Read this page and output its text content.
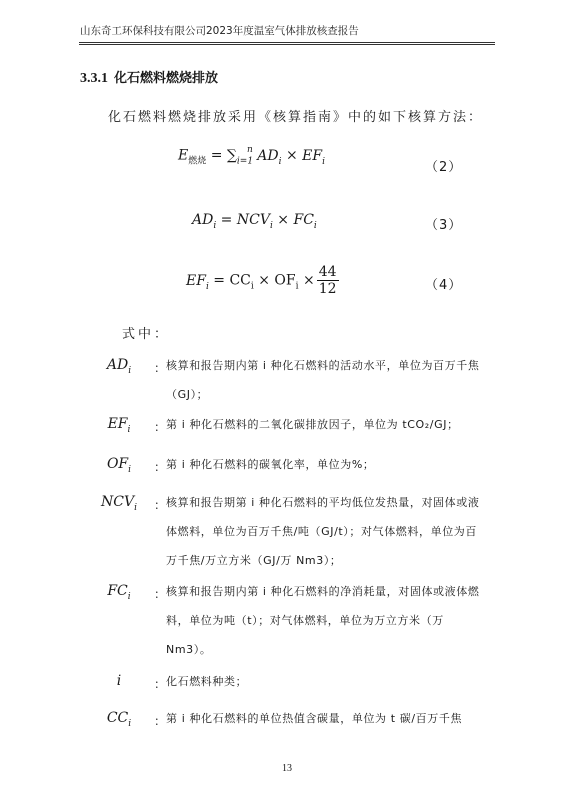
山东奇工环保科技有限公司2023年度温室气体排放核查报告
3.3.1 化石燃料燃烧排放
化石燃料燃烧排放采用《核算指南》中的如下核算方法：
$E_{燃烧} = \sum_{i=1}^n$ $AD_i \times EF_i$	（2）
$AD_i = NCV_i \times FC_i$	（3）
$EF_i = CC_i \times OF_i \times \frac{44}{12}$	（4）
式中：
$AD_i$	： 核算和报告期内第 i 种化石燃料的活动水平，单位为百万千焦（GJ）；
$EF_i$	： 第 i 种化石燃料的二氧化碳排放因子，单位为 tCO₂/GJ；
$OF_i$	： 第 i 种化石燃料的碳氧化率，单位为%；
$NCV_i$	： 核算和报告期第 i 种化石燃料的平均低位发热量，对固体或液体燃料，单位为百万千焦/吨（GJ/t）；对气体燃料，单位为百万千焦/万立方米（GJ/万 Nm3）；
$FC_i$	： 核算和报告期内第 i 种化石燃料的净消耗量，对固体或液体燃料，单位为吨（t）；对气体燃料，单位为万立方米（万 Nm3）。
i	： 化石燃料种类；
$CC_i$	： 第 i 种化石燃料的单位热值含碳量，单位为 t 碳/百万千焦
13
